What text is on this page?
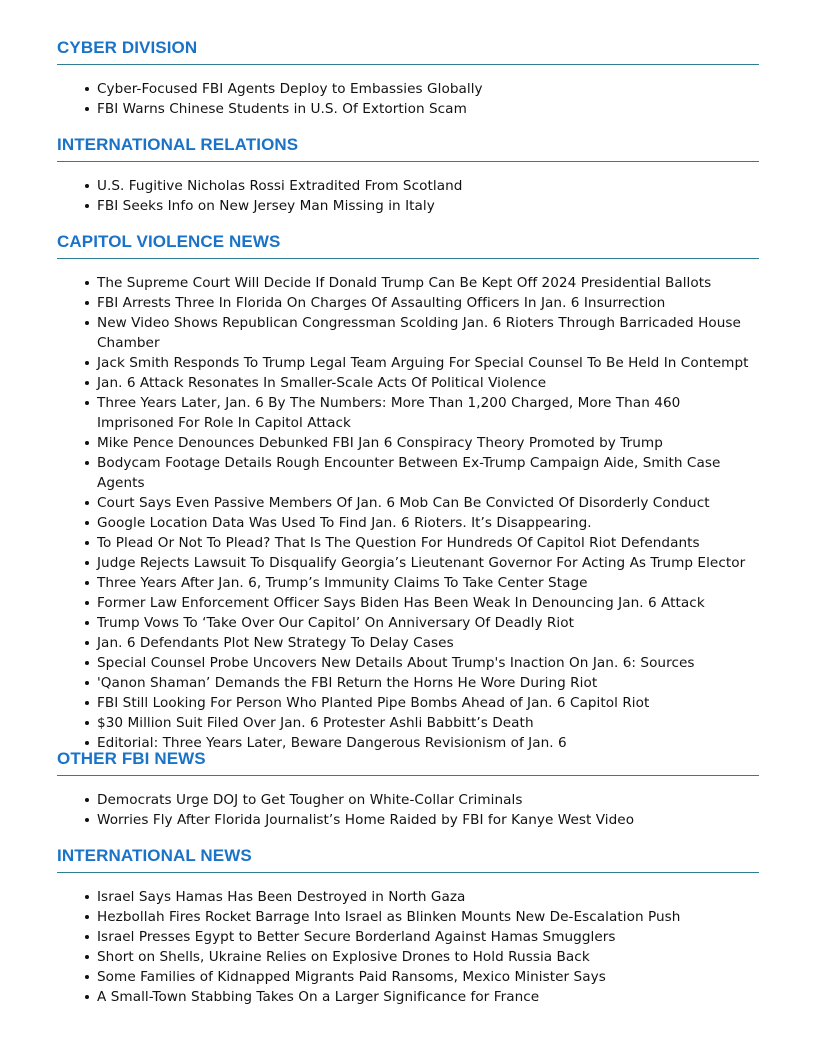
CYBER DIVISION
Cyber-Focused FBI Agents Deploy to Embassies Globally
FBI Warns Chinese Students in U.S. Of Extortion Scam
INTERNATIONAL RELATIONS
U.S. Fugitive Nicholas Rossi Extradited From Scotland
FBI Seeks Info on New Jersey Man Missing in Italy
CAPITOL VIOLENCE NEWS
The Supreme Court Will Decide If Donald Trump Can Be Kept Off 2024 Presidential Ballots
FBI Arrests Three In Florida On Charges Of Assaulting Officers In Jan. 6 Insurrection
New Video Shows Republican Congressman Scolding Jan. 6 Rioters Through Barricaded House Chamber
Jack Smith Responds To Trump Legal Team Arguing For Special Counsel To Be Held In Contempt
Jan. 6 Attack Resonates In Smaller-Scale Acts Of Political Violence
Three Years Later, Jan. 6 By The Numbers: More Than 1,200 Charged, More Than 460 Imprisoned For Role In Capitol Attack
Mike Pence Denounces Debunked FBI Jan 6 Conspiracy Theory Promoted by Trump
Bodycam Footage Details Rough Encounter Between Ex-Trump Campaign Aide, Smith Case Agents
Court Says Even Passive Members Of Jan. 6 Mob Can Be Convicted Of Disorderly Conduct
Google Location Data Was Used To Find Jan. 6 Rioters. It’s Disappearing.
To Plead Or Not To Plead? That Is The Question For Hundreds Of Capitol Riot Defendants
Judge Rejects Lawsuit To Disqualify Georgia’s Lieutenant Governor For Acting As Trump Elector
Three Years After Jan. 6, Trump’s Immunity Claims To Take Center Stage
Former Law Enforcement Officer Says Biden Has Been Weak In Denouncing Jan. 6 Attack
Trump Vows To ‘Take Over Our Capitol’ On Anniversary Of Deadly Riot
Jan. 6 Defendants Plot New Strategy To Delay Cases
Special Counsel Probe Uncovers New Details About Trump's Inaction On Jan. 6: Sources
'Qanon Shaman’ Demands the FBI Return the Horns He Wore During Riot
FBI Still Looking For Person Who Planted Pipe Bombs Ahead of Jan. 6 Capitol Riot
$30 Million Suit Filed Over Jan. 6 Protester Ashli Babbitt’s Death
Editorial: Three Years Later, Beware Dangerous Revisionism of Jan. 6
OTHER FBI NEWS
Democrats Urge DOJ to Get Tougher on White-Collar Criminals
Worries Fly After Florida Journalist’s Home Raided by FBI for Kanye West Video
INTERNATIONAL NEWS
Israel Says Hamas Has Been Destroyed in North Gaza
Hezbollah Fires Rocket Barrage Into Israel as Blinken Mounts New De-Escalation Push
Israel Presses Egypt to Better Secure Borderland Against Hamas Smugglers
Short on Shells, Ukraine Relies on Explosive Drones to Hold Russia Back
Some Families of Kidnapped Migrants Paid Ransoms, Mexico Minister Says
A Small-Town Stabbing Takes On a Larger Significance for France
